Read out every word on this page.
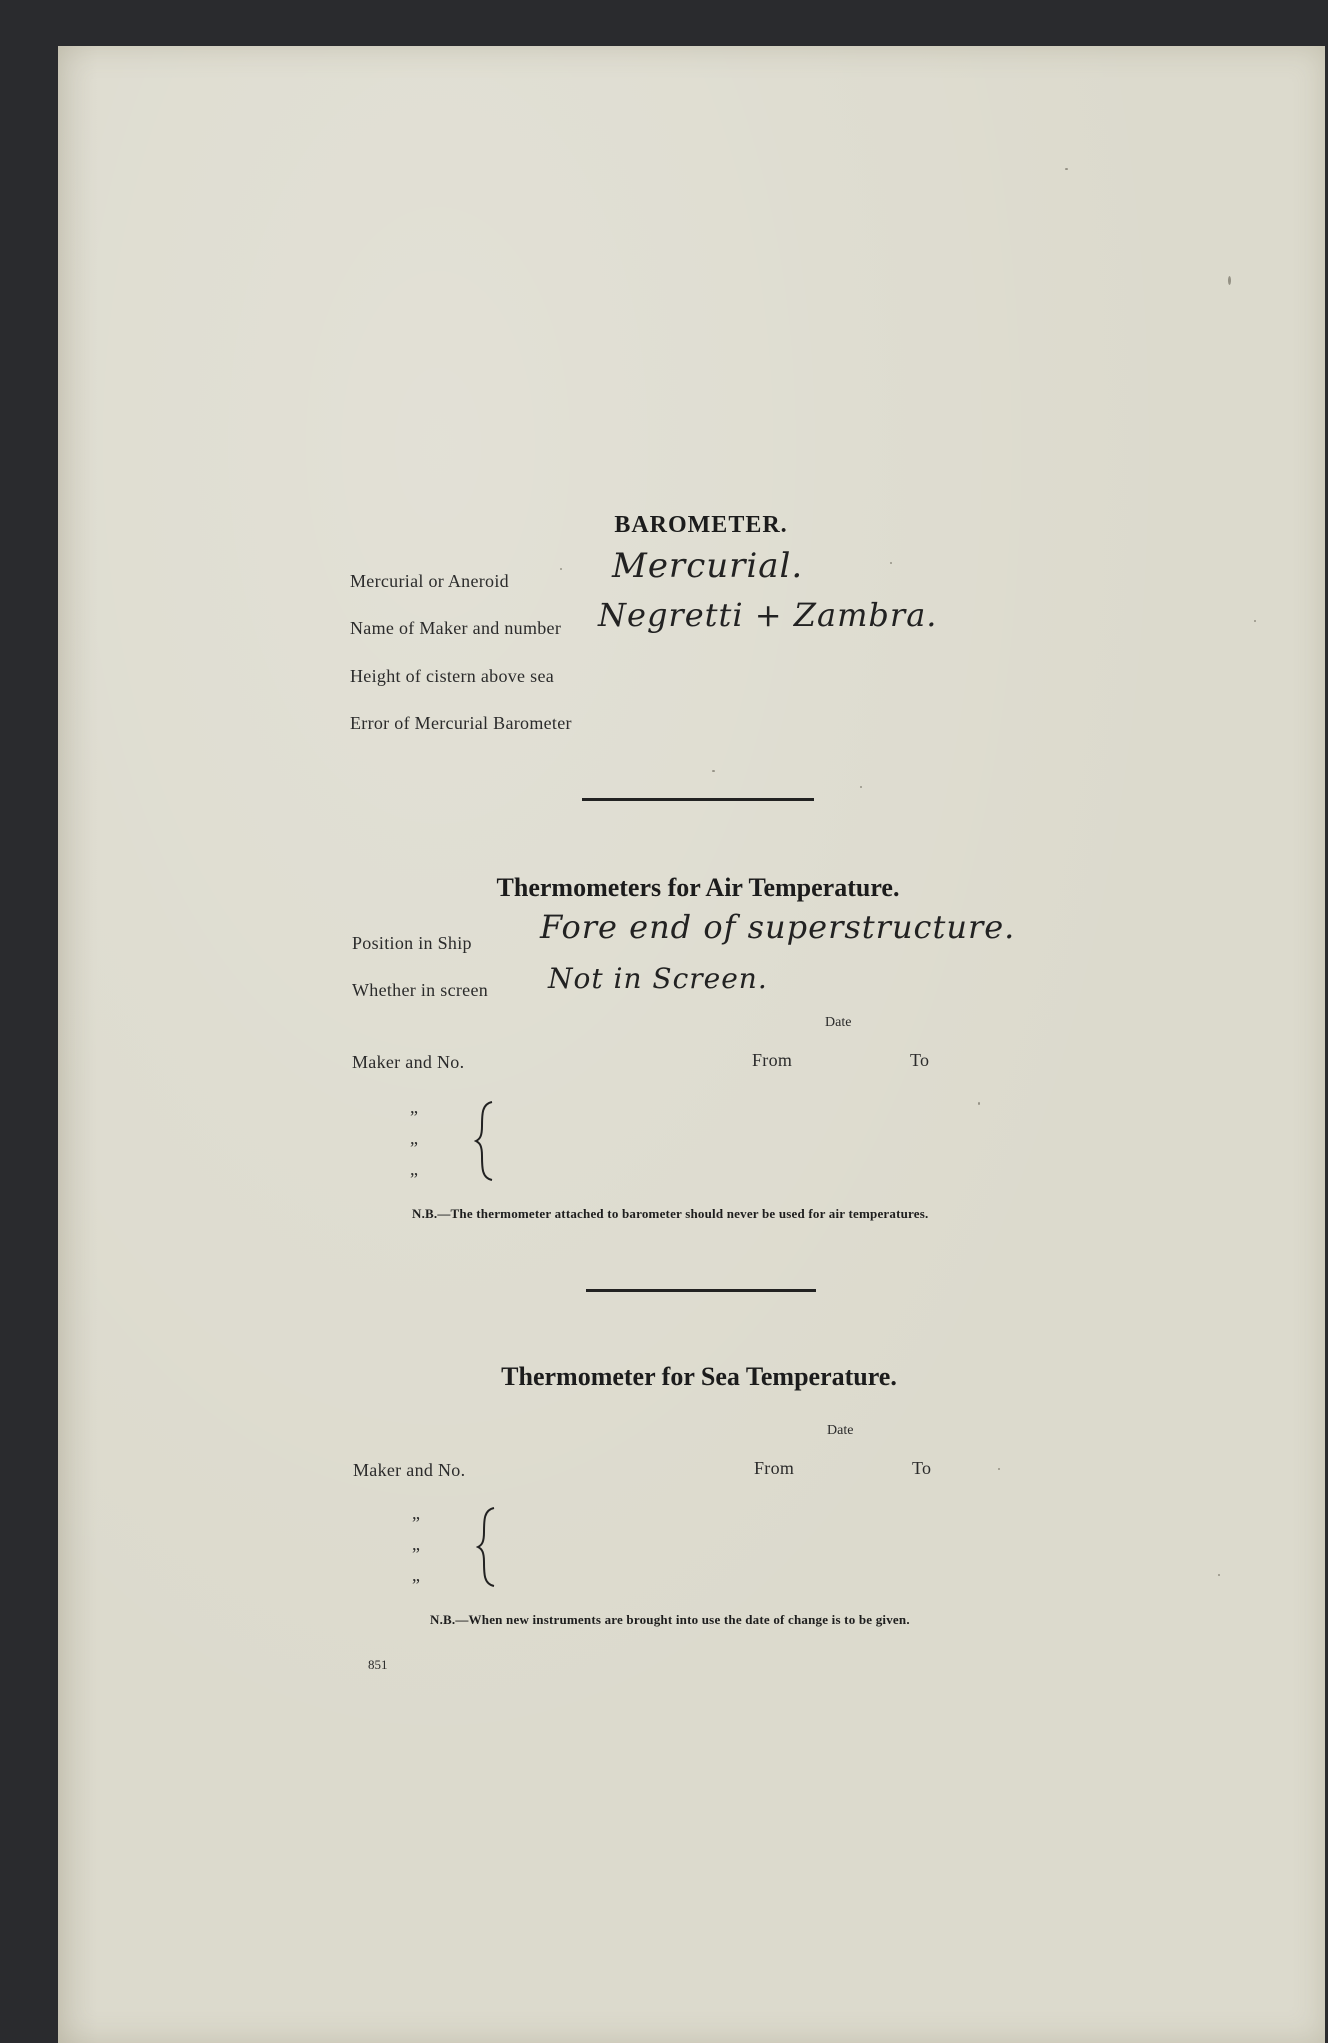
BAROMETER.
Mercurial or Aneroid	Mercurial.
Name of Maker and number Negretti + Zambra.
Height of cistern above sea
Error of Mercurial Barometer
Thermometers for Air Temperature.
Position in Ship Fore end of superstructure.
Whether in screen Not in Screen.
Date
Maker and No.	From	To
”
”
”
N.B.—The thermometer attached to barometer should never be used for air temperatures.
Thermometer for Sea Temperature.
Date
Maker and No.	From	To
”
”
”
N.B.—When new instruments are brought into use the date of change is to be given.
851
